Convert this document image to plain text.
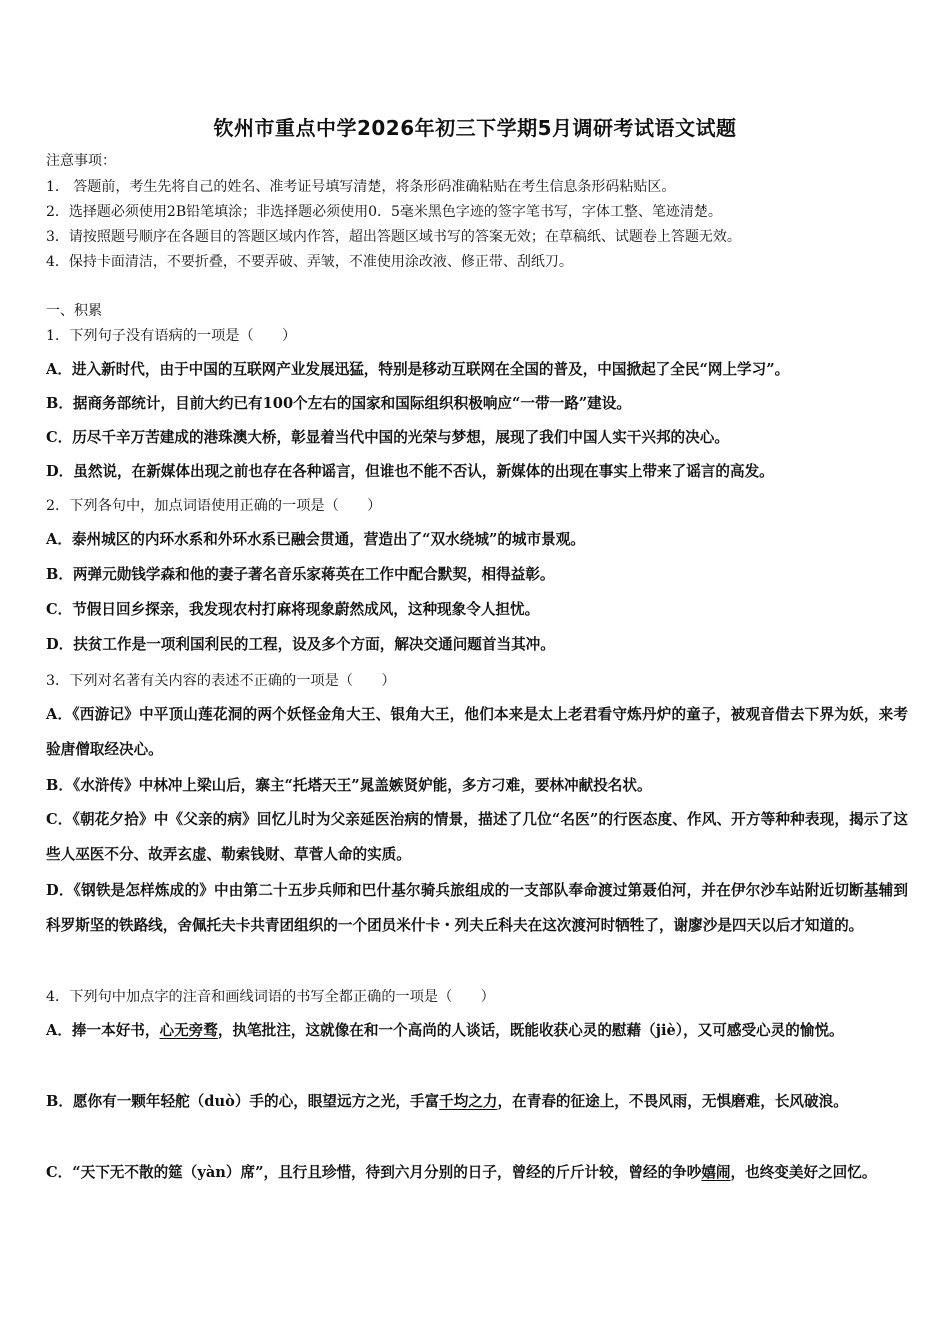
钦州市重点中学2026年初三下学期5月调研考试语文试题
注意事项：
1． 答题前，考生先将自己的姓名、准考证号填写清楚，将条形码准确粘贴在考生信息条形码粘贴区。
2．选择题必须使用2B铅笔填涂；非选择题必须使用0．5毫米黑色字迹的签字笔书写，字体工整、笔迹清楚。
3．请按照题号顺序在各题目的答题区域内作答，超出答题区域书写的答案无效；在草稿纸、试题卷上答题无效。
4．保持卡面清洁，不要折叠，不要弄破、弄皱，不准使用涂改液、修正带、刮纸刀。
一、积累
1．下列句子没有语病的一项是（　　）
A．进入新时代，由于中国的互联网产业发展迅猛，特别是移动互联网在全国的普及，中国掀起了全民“网上学习”。
B．据商务部统计，目前大约已有100个左右的国家和国际组织积极响应“一带一路”建设。
C．历尽千辛万苦建成的港珠澳大桥，彰显着当代中国的光荣与梦想，展现了我们中国人实干兴邦的决心。
D．虽然说，在新媒体出现之前也存在各种谣言，但谁也不能不否认，新媒体的出现在事实上带来了谣言的高发。
2．下列各句中，加点词语使用正确的一项是（　　）
A．泰州城区的内环水系和外环水系已融会贯通，营造出了“双水绕城”的城市景观。
B．两弹元勋钱学森和他的妻子著名音乐家蒋英在工作中配合默契，相得益彰。
C．节假日回乡探亲，我发现农村打麻将现象蔚然成风，这种现象令人担忧。
D．扶贫工作是一项利国利民的工程，设及多个方面，解决交通问题首当其冲。
3．下列对名著有关内容的表述不正确的一项是（　　）
A．《西游记》中平顶山莲花洞的两个妖怪金角大王、银角大王，他们本来是太上老君看守炼丹炉的童子，被观音借去下界为妖，来考验唐僧取经决心。
B．《水浒传》中林冲上梁山后，寨主“托塔天王”晁盖嫉贤妒能，多方刁难，要林冲献投名状。
C．《朝花夕拾》中《父亲的病》回忆儿时为父亲延医治病的情景，描述了几位“名医”的行医态度、作风、开方等种种表现，揭示了这些人巫医不分、故弄玄虚、勒索钱财、草菅人命的实质。
D．《钢铁是怎样炼成的》中由第二十五步兵师和巴什基尔骑兵旅组成的一支部队奉命渡过第聂伯河，并在伊尔沙车站附近切断基辅到科罗斯坚的铁路线，舍佩托夫卡共青团组织的一个团员米什卡・列夫丘科夫在这次渡河时牺牲了，谢廖沙是四天以后才知道的。
4．下列句中加点字的注音和画线词语的书写全都正确的一项是（　　）
A．捧一本好书，心无旁骛，执笔批注，这就像在和一个高尚的人谈话，既能收获心灵的慰藉（jiè），又可感受心灵的愉悦。
B．愿你有一颗年轻舵（duò）手的心，眼望远方之光，手富千均之力，在青春的征途上，不畏风雨，无惧磨难，长风破浪。
C．“天下无不散的筵（yàn）席”，且行且珍惜，待到六月分别的日子，曾经的斤斤计较，曾经的争吵嬉闹，也终变美好之回忆。
